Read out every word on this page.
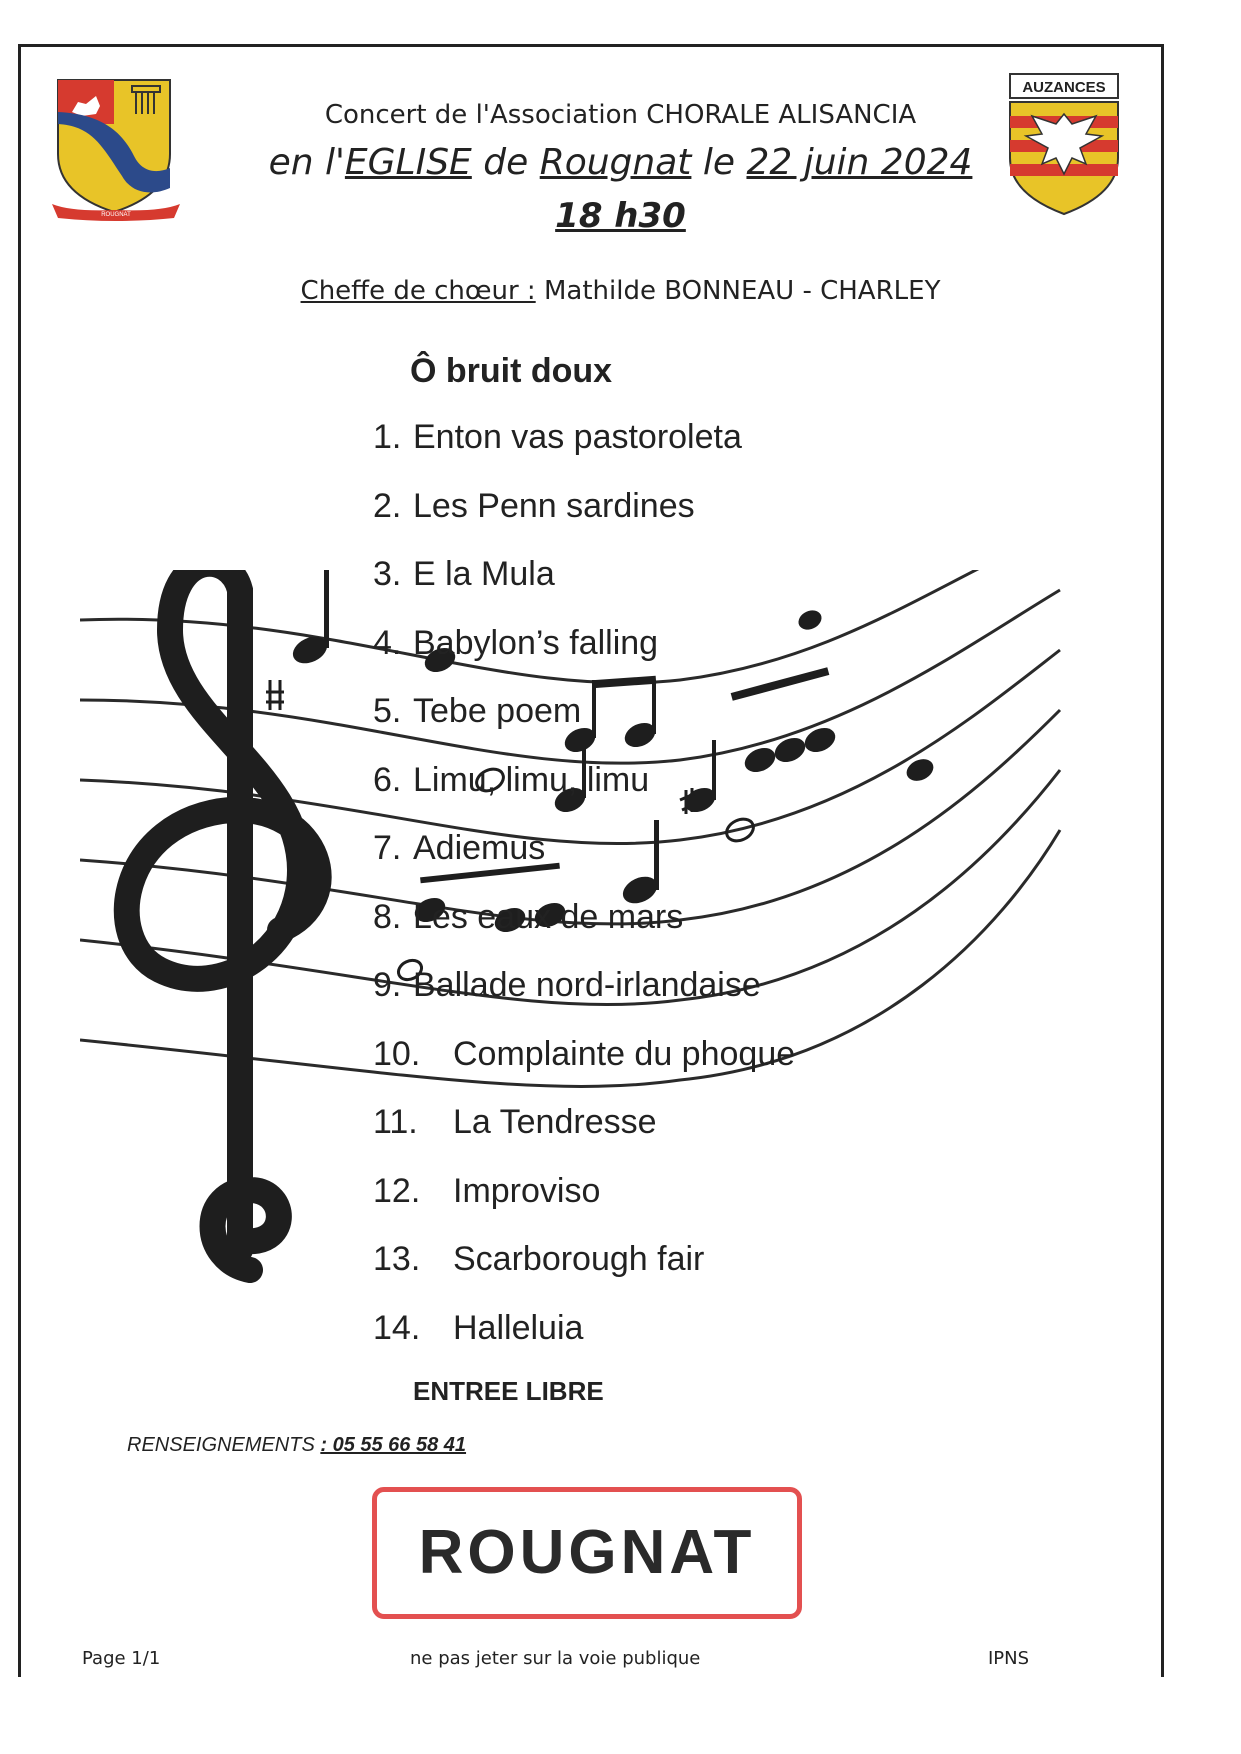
ROUGNAT
AUZANCES
Concert de l'Association CHORALE ALISANCIA
en l'EGLISE de Rougnat le 22 juin 2024
18 h30
Cheffe de chœur : Mathilde BONNEAU - CHARLEY
Ô bruit doux
1. Enton vas pastoroleta
2. Les Penn sardines
3. E la Mula
4. Babylon’s falling
5. Tebe poem
6. Limu, limu, limu
7. Adiemus
8. Les eaux de mars
9. Ballade nord-irlandaise
10. Complainte du phoque
11. La Tendresse
12. Improviso
13. Scarborough fair
14. Halleluia
ENTREE LIBRE
RENSEIGNEMENTS : 05 55 66 58 41
ROUGNAT
Page 1/1	ne pas jeter sur la voie publique	IPNS
